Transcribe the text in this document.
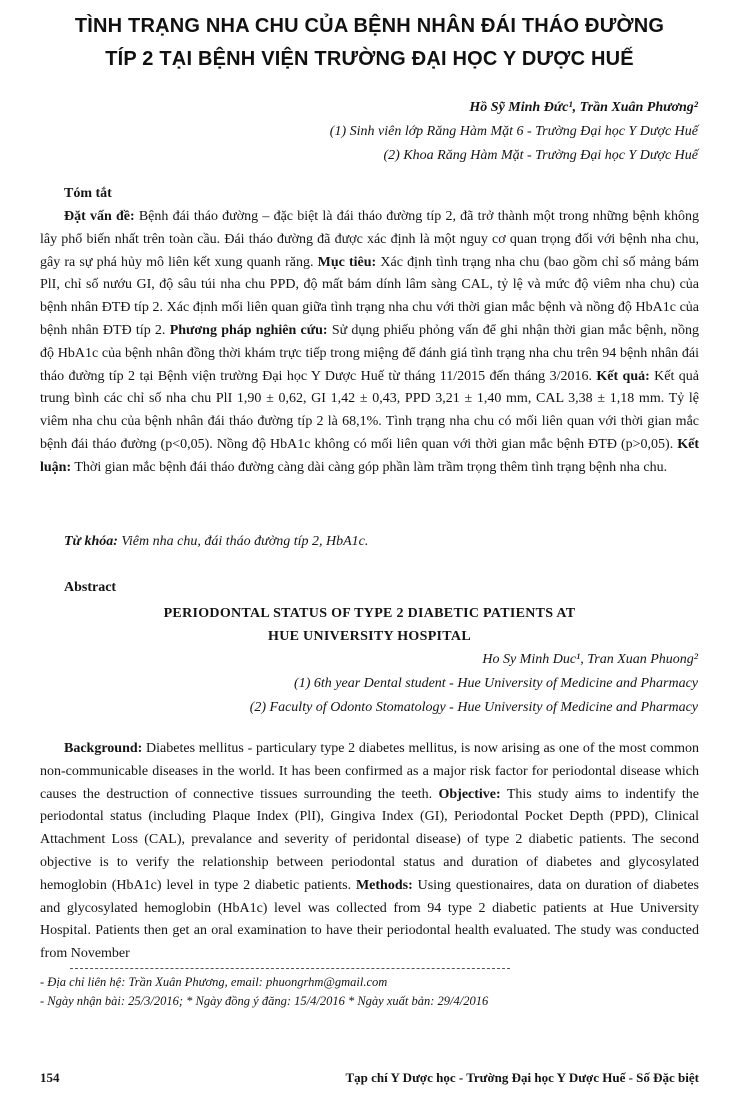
TÌNH TRẠNG NHA CHU CỦA BỆNH NHÂN ĐÁI THÁO ĐƯỜNG
TÍP 2 TẠI BỆNH VIỆN TRƯỜNG ĐẠI HỌC Y DƯỢC HUẾ
Hồ Sỹ Minh Đức¹, Trần Xuân Phương²
(1) Sinh viên lớp Răng Hàm Mặt 6 - Trường Đại học Y Dược Huế
(2) Khoa Răng Hàm Mặt - Trường Đại học Y Dược Huế
Tóm tắt

Đặt vấn đề: Bệnh đái tháo đường – đặc biệt là đái tháo đường típ 2, đã trở thành một trong những bệnh không lây phổ biến nhất trên toàn cầu. Đái tháo đường đã được xác định là một nguy cơ quan trọng đối với bệnh nha chu, gây ra sự phá hủy mô liên kết xung quanh răng. Mục tiêu: Xác định tình trạng nha chu (bao gồm chỉ số mảng bám PlI, chỉ số nướu GI, độ sâu túi nha chu PPD, độ mất bám dính lâm sàng CAL, tỷ lệ và mức độ viêm nha chu) của bệnh nhân ĐTĐ típ 2. Xác định mối liên quan giữa tình trạng nha chu với thời gian mắc bệnh và nồng độ HbA1c của bệnh nhân ĐTĐ típ 2. Phương pháp nghiên cứu: Sử dụng phiếu phỏng vấn để ghi nhận thời gian mắc bệnh, nồng độ HbA1c của bệnh nhân đồng thời khám trực tiếp trong miệng để đánh giá tình trạng nha chu trên 94 bệnh nhân đái tháo đường típ 2 tại Bệnh viện trường Đại học Y Dược Huế từ tháng 11/2015 đến tháng 3/2016. Kết quả: Kết quả trung bình các chỉ số nha chu PlI 1,90 ± 0,62, GI 1,42 ± 0,43, PPD 3,21 ± 1,40 mm, CAL 3,38 ± 1,18 mm. Tỷ lệ viêm nha chu của bệnh nhân đái tháo đường típ 2 là 68,1%. Tình trạng nha chu có mối liên quan với thời gian mắc bệnh đái tháo đường (p<0,05). Nồng độ HbA1c không có mối liên quan với thời gian mắc bệnh ĐTĐ (p>0,05). Kết luận: Thời gian mắc bệnh đái tháo đường càng dài càng góp phần làm trầm trọng thêm tình trạng bệnh nha chu.

Từ khóa: Viêm nha chu, đái tháo đường típ 2, HbA1c.

Abstract
PERIODONTAL STATUS OF TYPE 2 DIABETIC PATIENTS AT
HUE UNIVERSITY HOSPITAL
Ho Sy Minh Duc¹, Tran Xuan Phuong²
(1) 6th year Dental student - Hue University of Medicine and Pharmacy
(2) Faculty of Odonto Stomatology - Hue University of Medicine and Pharmacy

Background: Diabetes mellitus - particulary type 2 diabetes mellitus, is now arising as one of the most common non-communicable diseases in the world. It has been confirmed as a major risk factor for periodontal disease which causes the destruction of connective tissues surrounding the teeth. Objective: This study aims to indentify the periodontal status (including Plaque Index (PlI), Gingiva Index (GI), Periodontal Pocket Depth (PPD), Clinical Attachment Loss (CAL), prevalance and severity of peridontal disease) of type 2 diabetic patients. The second objective is to verify the relationship between periodontal status and duration of diabetes and glycosylated hemoglobin (HbA1c) level in type 2 diabetic patients. Methods: Using questionaires, data on duration of diabetes and glycosylated hemoglobin (HbA1c) level was collected from 94 type 2 diabetic patients at Hue University Hospital. Patients then get an oral examination to have their periodontal health evaluated. The study was conducted from November

- Địa chỉ liên hệ: Trần Xuân Phương, email: phuongrhm@gmail.com
- Ngày nhận bài: 25/3/2016; * Ngày đồng ý đăng: 15/4/2016 * Ngày xuất bản: 29/4/2016
154	Tạp chí Y Dược học - Trường Đại học Y Dược Huế - Số Đặc biệt
